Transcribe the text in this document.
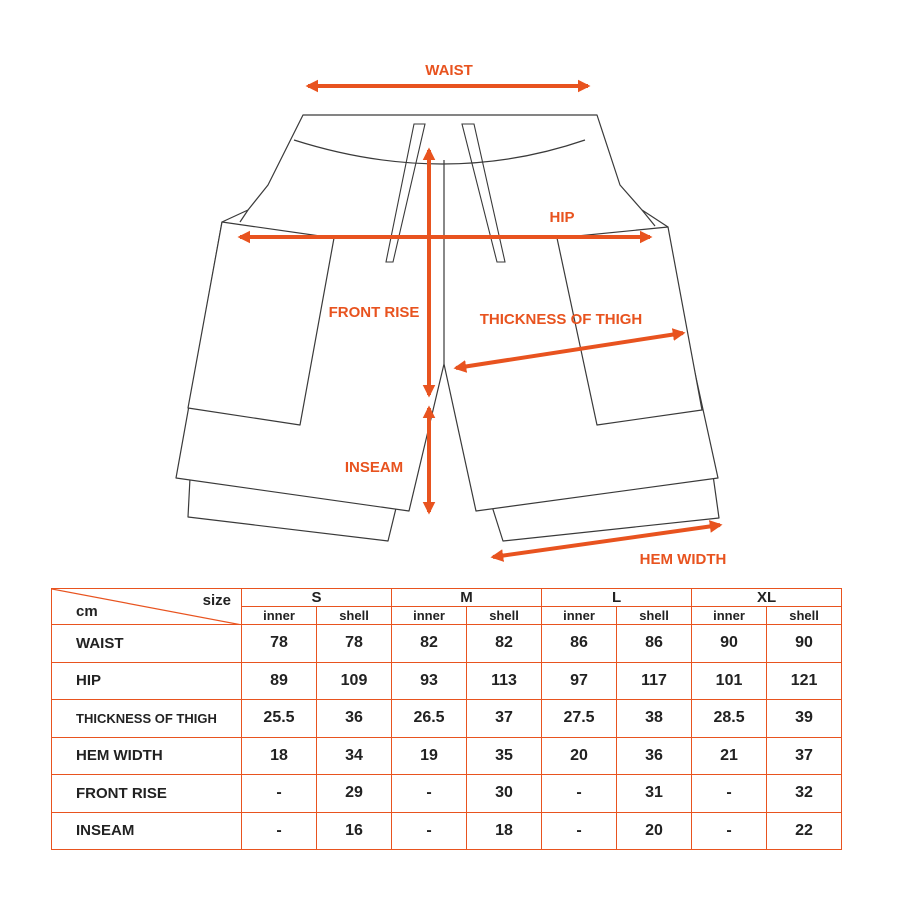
WAIST
HIP
FRONT RISE	THICKNESS OF THIGH
INSEAM
HEM WIDTH
size
cm	S		M		L		XL	
	inner	shell	inner	shell	inner	shell	inner	shell
WAIST	78	78	82	82	86	86	90	90
HIP	89	109	93	113	97	117	101	121
THICKNESS OF THIGH	25.5	36	26.5	37	27.5	38	28.5	39
HEM WIDTH	18	34	19	35	20	36	21	37
FRONT RISE	-	29	-	30	-	31	-	32
INSEAM	-	16	-	18	-	20	-	22
